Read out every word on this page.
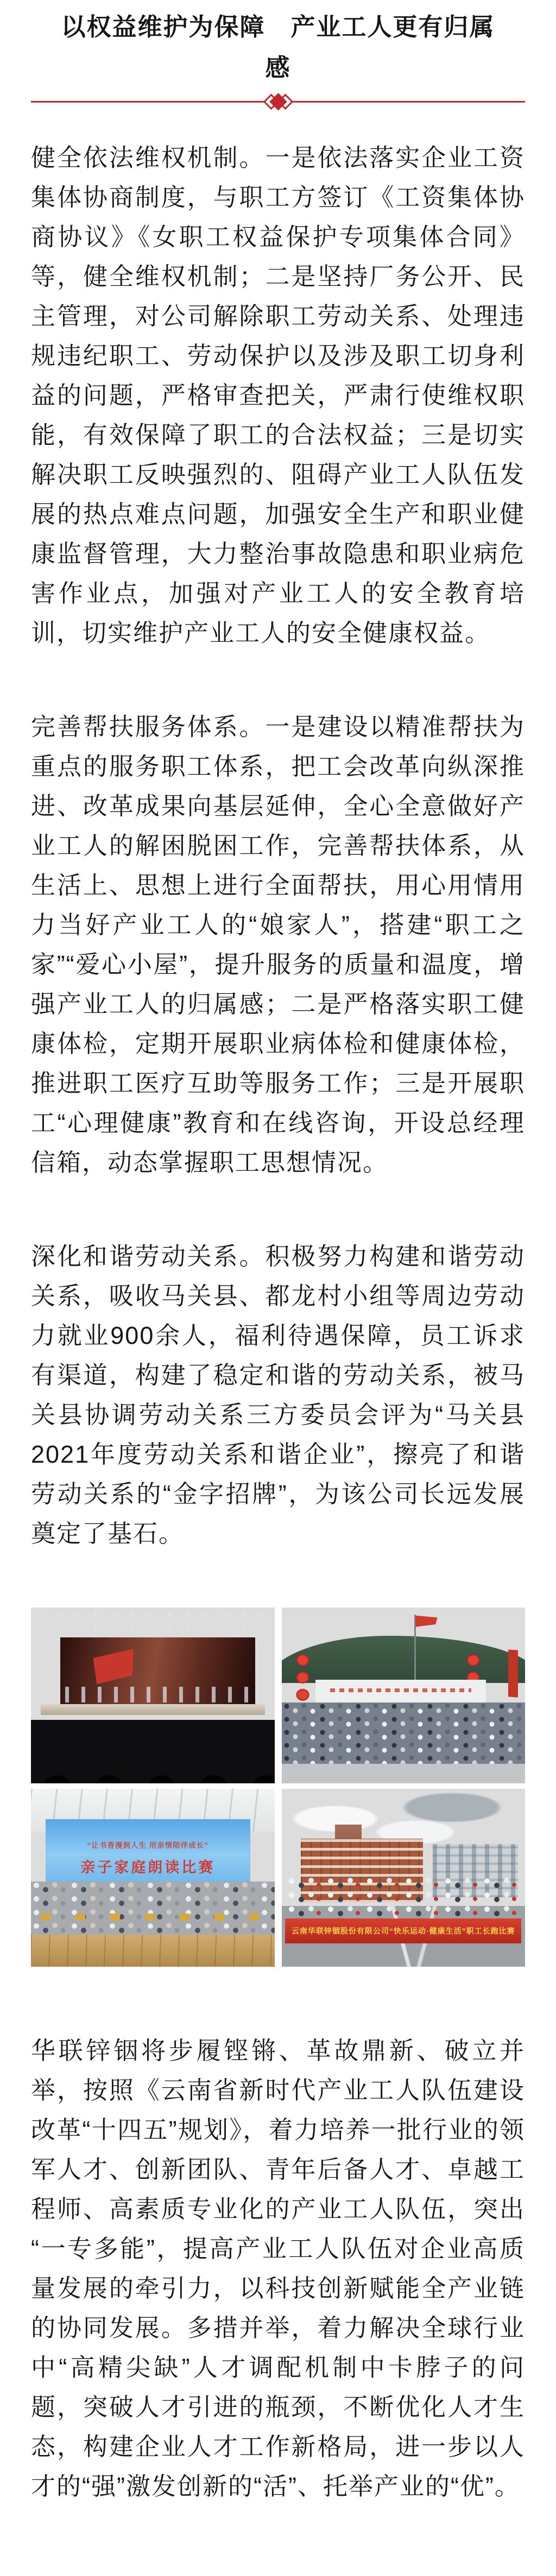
以权益维护为保障　产业工人更有归属感

健全依法维权机制。一是依法落实企业工资集体协商制度，与职工方签订《工资集体协商协议》《女职工权益保护专项集体合同》等，健全维权机制；二是坚持厂务公开、民主管理，对公司解除职工劳动关系、处理违规违纪职工、劳动保护以及涉及职工切身利益的问题，严格审查把关，严肃行使维权职能，有效保障了职工的合法权益；三是切实解决职工反映强烈的、阻碍产业工人队伍发展的热点难点问题，加强安全生产和职业健康监督管理，大力整治事故隐患和职业病危害作业点，加强对产业工人的安全教育培训，切实维护产业工人的安全健康权益。

完善帮扶服务体系。一是建设以精准帮扶为重点的服务职工体系，把工会改革向纵深推进、改革成果向基层延伸，全心全意做好产业工人的解困脱困工作，完善帮扶体系，从生活上、思想上进行全面帮扶，用心用情用力当好产业工人的“娘家人”，搭建“职工之家”“爱心小屋”，提升服务的质量和温度，增强产业工人的归属感；二是严格落实职工健康体检，定期开展职业病体检和健康体检，推进职工医疗互助等服务工作；三是开展职工“心理健康”教育和在线咨询，开设总经理信箱，动态掌握职工思想情况。

深化和谐劳动关系。积极努力构建和谐劳动关系，吸收马关县、都龙村小组等周边劳动力就业900余人，福利待遇保障，员工诉求有渠道，构建了稳定和谐的劳动关系，被马关县协调劳动关系三方委员会评为“马关县2021年度劳动关系和谐企业”，擦亮了和谐劳动关系的“金字招牌”，为该公司长远发展奠定了基石。

“让书香漫润人生 用亲情陪伴成长”
亲子家庭朗读比赛
云南华联锌铟股份有限公司“快乐运动·健康生活”职工长跑比赛

华联锌铟将步履铿锵、革故鼎新、破立并举，按照《云南省新时代产业工人队伍建设改革“十四五”规划》，着力培养一批行业的领军人才、创新团队、青年后备人才、卓越工程师、高素质专业化的产业工人队伍，突出“一专多能”，提高产业工人队伍对企业高质量发展的牵引力，以科技创新赋能全产业链的协同发展。多措并举，着力解决全球行业中“高精尖缺”人才调配机制中卡脖子的问题，突破人才引进的瓶颈，不断优化人才生态，构建企业人才工作新格局，进一步以人才的“强”激发创新的“活”、托举产业的“优”。
